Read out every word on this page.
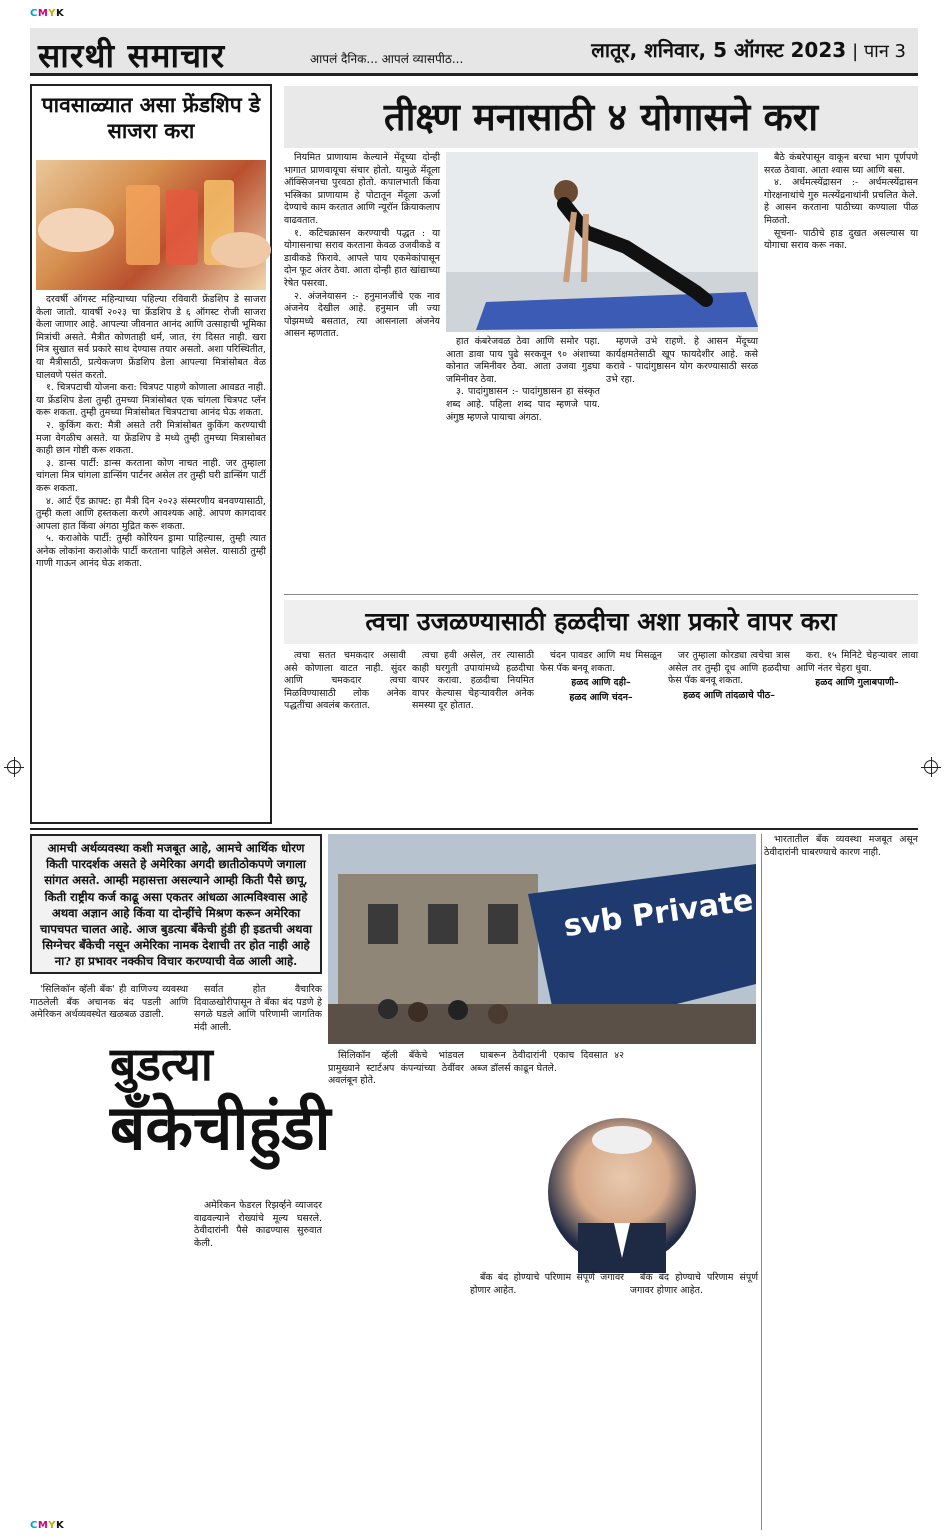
CMYK
CMYK
सारथी समाचार	आपलं दैनिक... आपलं व्यासपीठ...	लातूर, शनिवार, 5 ऑगस्ट 2023 | पान 3
पावसाळ्यात असा फ्रेंडशिप डे साजरा करा

दरवर्षी ऑगस्ट महिन्याच्या पहिल्या रविवारी फ्रेंडशिप डे साजरा केला जातो. यावर्षी २०२३ चा फ्रेंडशिप डे ६ ऑगस्ट रोजी साजरा केला जाणार आहे. आपल्या जीवनात आनंद आणि उत्साहाची भूमिका मित्रांची असते. मैत्रीत कोणताही धर्म, जात, रंग दिसत नाही. खरा मित्र सुखात सर्व प्रकारे साथ देण्यास तयार असतो. अशा परिस्थितीत, या मैत्रीसाठी, प्रत्येकजण फ्रेंडशिप डेला आपल्या मित्रांसोबत वेळ घालवणे पसंत करतो.

१. चित्रपटाची योजना करा: चित्रपट पाहणे कोणाला आवडत नाही. या फ्रेंडशिप डेला तुम्ही तुमच्या मित्रांसोबत एक चांगला चित्रपट प्लॅन करू शकता. तुम्ही तुमच्या मित्रांसोबत चित्रपटाचा आनंद घेऊ शकता.

२. कुकिंग करा: मैत्री असते तरी मित्रांसोबत कुकिंग करण्याची मजा वेगळीच असते. या फ्रेंडशिप डे मध्ये तुम्ही तुमच्या मित्रासोबत काही छान गोष्टी करू शकता.

३. डान्स पार्टी: डान्स करताना कोण नाचत नाही. जर तुम्हाला चांगला मित्र चांगला डान्सिंग पार्टनर असेल तर तुम्ही घरी डान्सिंग पार्टी करू शकता.

४. आर्ट ऍंड क्राफ्ट: हा मैत्री दिन २०२३ संस्मरणीय बनवण्यासाठी, तुम्ही कला आणि हस्तकला करणे आवश्यक आहे. आपण कागदावर आपला हात किंवा अंगठा मुद्रित करू शकता.

५. कराओके पार्टी: तुम्ही कोरियन ड्रामा पाहिल्यास, तुम्ही त्यात अनेक लोकांना कराओके पार्टी करताना पाहिले असेल. यासाठी तुम्ही गाणी गाऊन आनंद घेऊ शकता.

तीक्ष्ण मनासाठी ४ योगासने करा

नियमित प्राणायाम केल्याने मेंदूच्या दोन्ही भागात प्राणवायूचा संचार होतो. यामुळे मेंदूला ऑक्सिजनचा पुरवठा होतो. कपालभाती किंवा भस्त्रिका प्राणायाम हे पोटातून मेंदूला ऊर्जा देण्याचे काम करतात आणि न्यूरॉन क्रियाकलाप वाढवतात.

१. कटिचक्रासन करण्याची पद्धत : या योगासनाचा सराव करताना केवळ उजवीकडे व डावीकडे फिरावे. आपले पाय एकमेकांपासून दोन फूट अंतर ठेवा. आता दोन्ही हात खांद्याच्या रेषेत पसरवा.

२. अंजनेयासन :- हनुमानजींचे एक नाव अंजनेय देखील आहे. हनुमान जी ज्या पोझमध्ये बसतात, त्या आसनाला अंजनेय आसन म्हणतात.

हात कंबरेजवळ ठेवा आणि समोर पहा. आता डावा पाय पुढे सरकवून ९० अंशाच्या कोनात जमिनीवर ठेवा. आता उजवा गुडघा जमिनीवर ठेवा.

३. पादांगुष्ठासन :- पादांगुष्ठासन हा संस्कृत शब्द आहे. पहिला शब्द पाद म्हणजे पाय. अंगुष्ठ म्हणजे पायाचा अंगठा.

म्हणजे उभे राहणे. हे आसन मेंदूच्या कार्यक्षमतेसाठी खूप फायदेशीर आहे. कसे करावे - पादांगुष्ठासन योग करण्यासाठी सरळ उभे रहा.

बैठे कंबरेपासून वाकून बरचा भाग पूर्णपणे सरळ ठेवावा. आता श्वास घ्या आणि बसा.

४. अर्धमत्स्येंद्रासन :- अर्धमत्स्येंद्रासन गोरक्षनाथांचे गुरु मत्स्येंद्रनाथांनी प्रचलित केले. हे आसन करताना पाठीच्या कण्याला पीळ मिळतो.

सूचना- पाठीचे हाड दुखत असल्यास या योगाचा सराव करू नका.

त्वचा उजळण्यासाठी हळदीचा अशा प्रकारे वापर करा

त्वचा सतत चमकदार असावी असे कोणाला वाटत नाही. सुंदर आणि चमकदार त्वचा मिळविण्यासाठी लोक अनेक पद्धतींचा अवलंब करतात.

त्वचा हवी असेल, तर त्यासाठी काही घरगुती उपायांमध्ये हळदीचा वापर करावा. हळदीचा नियमित वापर केल्यास चेहऱ्यावरील अनेक समस्या दूर होतात.

चंदन पावडर आणि मध मिसळून फेस पॅक बनवू शकता.

हळद आणि दही–

हळद आणि चंदन–

जर तुम्हाला कोरड्या त्वचेचा त्रास असेल तर तुम्ही दूध आणि हळदीचा फेस पॅक बनवू शकता.

हळद आणि तांदळाचे पीठ–

करा. १५ मिनिटे चेहऱ्यावर लावा आणि नंतर चेहरा धुवा.

हळद आणि गुलाबपाणी–

आमची अर्थव्यवस्था कशी मजबूत आहे, आमचे आर्थिक धोरण किती पारदर्शक असते हे अमेरिका अगदी छातीठोकपणे जगाला सांगत असते. आम्ही महासत्ता असल्याने आम्ही किती पैसे छापू, किती राष्ट्रीय कर्ज काढू असा एकतर आंधळा आत्मविश्वास आहे अथवा अज्ञान आहे किंवा या दोन्हींचे मिश्रण करून अमेरिका चापचपत चालत आहे. आज बुडत्या बँकेची हुंडी ही इडतची अथवा सिग्नेचर बँकेची नसून अमेरिका नामक देशाची तर होत नाही आहे ना? हा प्रभावर नक्कीच विचार करण्याची वेळ आली आहे.
svb Private
बुडत्या
बॅंकेचीहुंडी

'सिलिकॉन व्हॅली बँक' ही वाणिज्य व्यवस्था गाठलेली बँक अचानक बंद पडली आणि अमेरिकन अर्थव्यवस्थेत खळबळ उडाली.

सर्वात होत वैचारिक दिवाळखोरीपासून ते बँका बंद पडणे हे सगळे घडले आणि परिणामी जागतिक मंदी आली.

अमेरिकन फेडरल रिझर्व्हने व्याजदर वाढवल्याने रोख्यांचे मूल्य घसरले. ठेवीदारांनी पैसे काढण्यास सुरुवात केली.

सिलिकॉन व्हॅली बँकेचे भांडवल प्रामुख्याने स्टार्टअप कंपन्यांच्या ठेवींवर अवलंबून होते.

घाबरून ठेवीदारांनी एकाच दिवसात ४२ अब्ज डॉलर्स काढून घेतले.

बँक बंद होण्याचे परिणाम संपूर्ण जगावर होणार आहेत.

बँक बंद होण्याचे परिणाम संपूर्ण जगावर होणार आहेत.

भारतातील बँक व्यवस्था मजबूत असून ठेवीदारांनी घाबरण्याचे कारण नाही.
